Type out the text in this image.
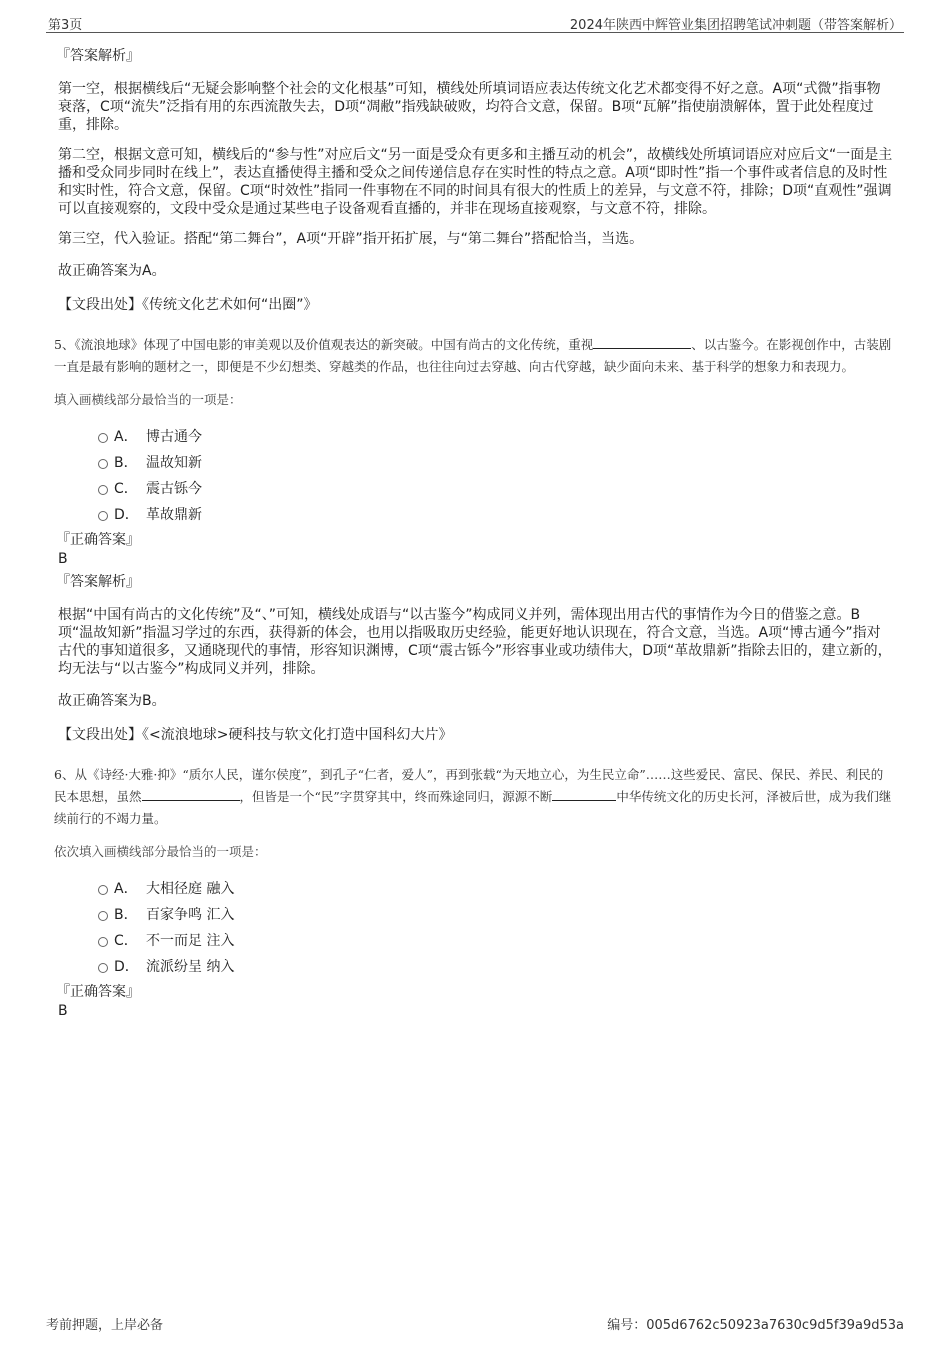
第3页	2024年陕西中辉管业集团招聘笔试冲刺题（带答案解析）

『答案解析』

第一空，根据横线后“无疑会影响整个社会的文化根基”可知，横线处所填词语应表达传统文化艺术都变得不好之意。A项“式微”指事物衰落，C项“流失”泛指有用的东西流散失去，D项“凋敝”指残缺破败，均符合文意，保留。B项“瓦解”指使崩溃解体，置于此处程度过重，排除。

第二空，根据文意可知，横线后的“参与性”对应后文“另一面是受众有更多和主播互动的机会”，故横线处所填词语应对应后文“一面是主播和受众同步同时在线上”，表达直播使得主播和受众之间传递信息存在实时性的特点之意。A项“即时性”指一个事件或者信息的及时性和实时性，符合文意，保留。C项“时效性”指同一件事物在不同的时间具有很大的性质上的差异，与文意不符，排除；D项“直观性”强调可以直接观察的，文段中受众是通过某些电子设备观看直播的，并非在现场直接观察，与文意不符，排除。

第三空，代入验证。搭配“第二舞台”，A项“开辟”指开拓扩展，与“第二舞台”搭配恰当，当选。

故正确答案为A。

【文段出处】《传统文化艺术如何“出圈”》

5、《流浪地球》体现了中国电影的审美观以及价值观表达的新突破。中国有尚古的文化传统，重视	、以古鉴今。在影视创作中，古装剧一直是最有影响的题材之一，即便是不少幻想类、穿越类的作品，也往往向过去穿越、向古代穿越，缺少面向未来、基于科学的想象力和表现力。

填入画横线部分最恰当的一项是：

A． 博古通今
B． 温故知新
C． 震古铄今
D． 革故鼎新

『正确答案』

B

『答案解析』

根据“中国有尚古的文化传统”及“、”可知，横线处成语与“以古鉴今”构成同义并列，需体现出用古代的事情作为今日的借鉴之意。B项“温故知新”指温习学过的东西，获得新的体会，也用以指吸取历史经验，能更好地认识现在，符合文意，当选。A项“博古通今”指对古代的事知道很多，又通晓现代的事情，形容知识渊博，C项“震古铄今”形容事业或功绩伟大，D项“革故鼎新”指除去旧的，建立新的，均无法与“以古鉴今”构成同义并列，排除。

故正确答案为B。

【文段出处】《<流浪地球>硬科技与软文化打造中国科幻大片》

6、从《诗经·大雅·抑》“质尔人民，谨尔侯度”，到孔子“仁者，爱人”，再到张载“为天地立心，为生民立命”……这些爱民、富民、保民、养民、利民的民本思想，虽然	，但皆是一个“民”字贯穿其中，终而殊途同归，源源不断	中华传统文化的历史长河，泽被后世，成为我们继续前行的不竭力量。

依次填入画横线部分最恰当的一项是：

A． 大相径庭 融入
B． 百家争鸣 汇入
C． 不一而足 注入
D． 流派纷呈 纳入

『正确答案』

B

考前押题，上岸必备	编号：005d6762c50923a7630c9d5f39a9d53a
